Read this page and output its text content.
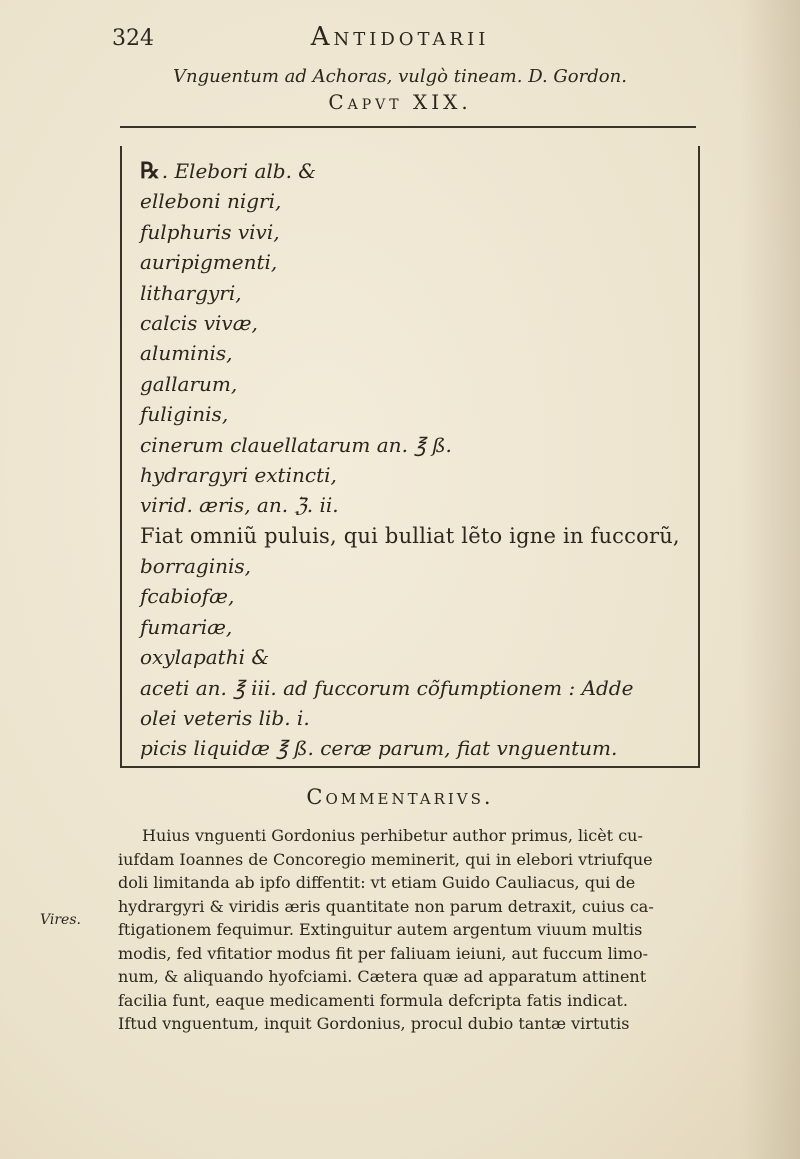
324	Antidotarii
Vnguentum ad Achoras, vulgò tineam. D. Gordon.
Capvt XIX.
℞ . Elebori alb. &
elleboni nigri,
fulphuris vivi,
auripigmenti,
lithargyri,
calcis vivæ,
aluminis,
gallarum,
fuliginis,
cinerum clauellatarum an. ℥ ß.
hydrargyri extincti,
virid. æris, an. ℨ. ii.
Fiat omniũ puluis, qui bulliat lẽto igne in fuccorũ,
borraginis,
fcabiofæ,
fumariæ,
oxylapathi &
aceti an. ℥ iii. ad fuccorum cõfumptionem : Adde
olei veteris lib. i.
picis liquidæ ℥ ß. ceræ parum, fiat vnguentum.
Commentarivs.

Huius vnguenti Gordonius perhibetur author primus, licèt cu-

iufdam Ioannes de Concoregio meminerit, qui in elebori vtriufque

doli limitanda ab ipfo diffentit: vt etiam Guido Cauliacus, qui de

hydrargyri & viridis æris quantitate non parum detraxit, cuius ca-

ftigationem fequimur. Extinguitur autem argentum viuum multis

modis, fed vfitatior modus fit per faliuam ieiuni, aut fuccum limo-

num, & aliquando hyofciami. Cætera quæ ad apparatum attinent

facilia funt, eaque medicamenti formula defcripta fatis indicat.

Iftud vnguentum, inquit Gordonius, procul dubio tantæ virtutis

Vires.
